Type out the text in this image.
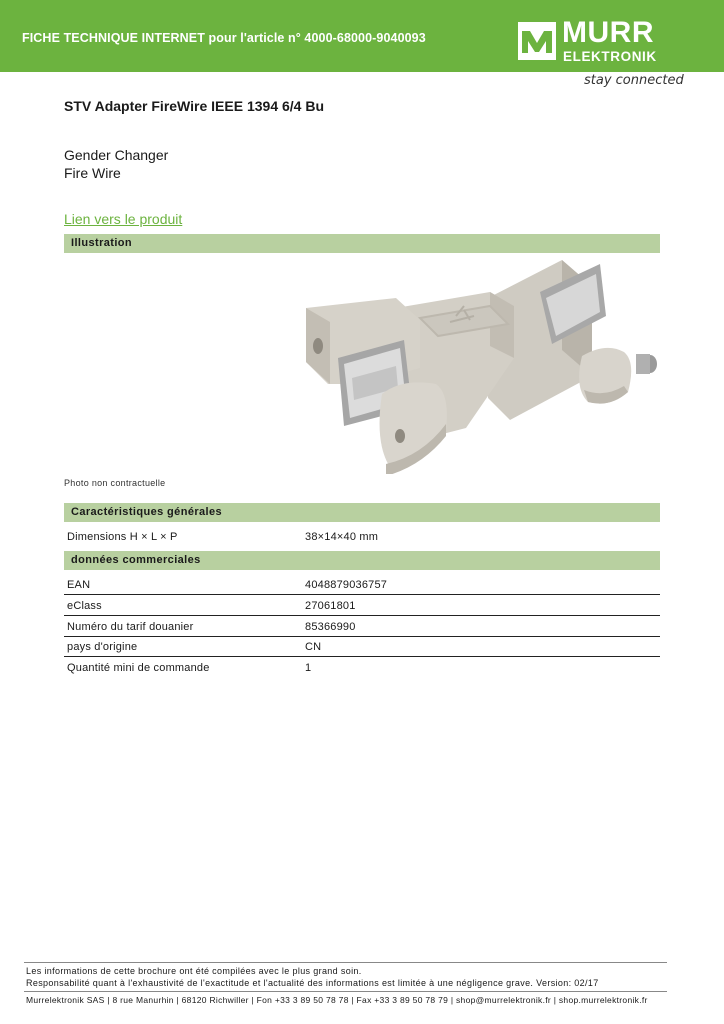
FICHE TECHNIQUE INTERNET pour l'article n° 4000-68000-9040093	MURR
ELEKTRONIK
stay connected
STV Adapter FireWire IEEE 1394 6/4 Bu
Gender Changer
Fire Wire
Lien vers le produit
Illustration
Photo non contractuelle
Caractéristiques générales
Dimensions H × L × P	38×14×40 mm
données commerciales
EAN	4048879036757
eClass	27061801
Numéro du tarif douanier	85366990
pays d'origine	CN
Quantité mini de commande	1
Les informations de cette brochure ont été compilées avec le plus grand soin.
Responsabilité quant à l'exhaustivité de l'exactitude et l'actualité des informations est limitée à une négligence grave. Version: 02/17
Murrelektronik SAS | 8 rue Manurhin | 68120 Richwiller | Fon +33 3 89 50 78 78 | Fax +33 3 89 50 78 79 | shop@murrelektronik.fr | shop.murrelektronik.fr
